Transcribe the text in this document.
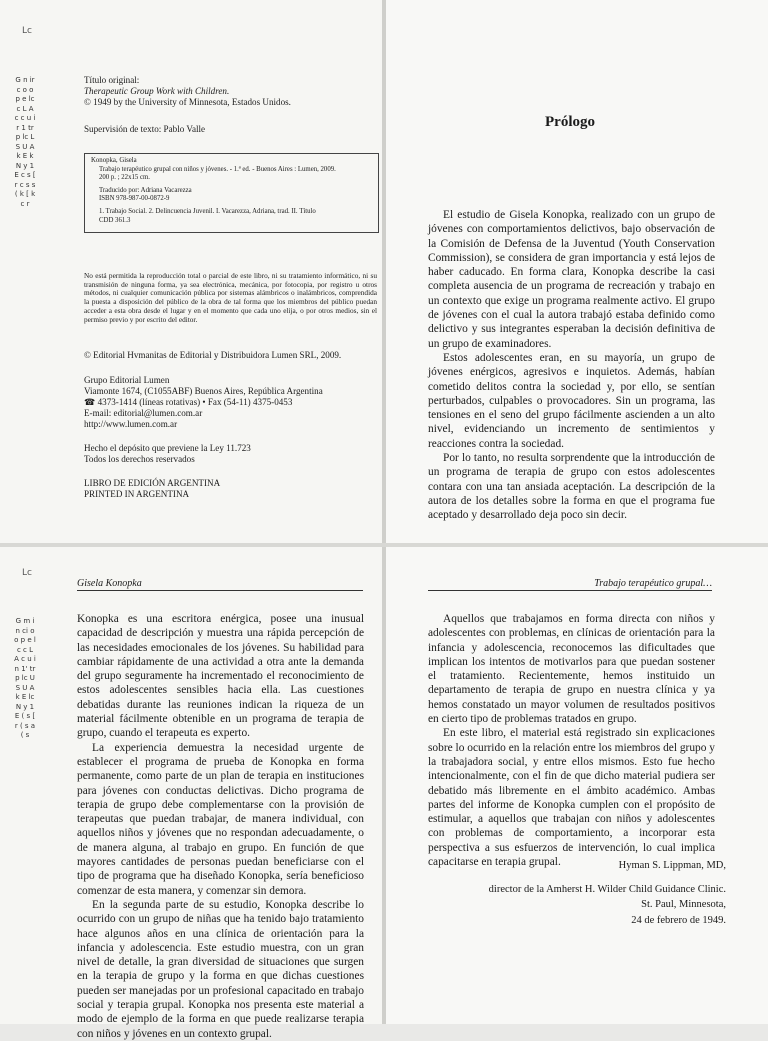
Lc
Lc
G n ir c o o p e lc c L A c c u ir 1 tr p lc L S U A k E k N y 1 E c s [ r c s s ( k [ k c r
G m in ci o o p e lc c L A c u in 1' tr p lc U S U A k E lc N y 1 E ( s [ r ( s a ( s
Título original:
Therapeutic Group Work with Children.
© 1949 by the University of Minnesota, Estados Unidos.
Supervisión de texto: Pablo Valle

Konopka, Gisela

Trabajo terapéutico grupal con niños y jóvenes. - 1.ª ed. - Buenos Aires : Lumen, 2009.

200 p. ; 22x15 cm.

Traducido por: Adriana Vacarezza

ISBN 978-987-00-0872-9

1. Trabajo Social. 2. Delincuencia Juvenil. I. Vacarezza, Adriana, trad. II. Título

CDD 361.3

No está permitida la reproducción total o parcial de este libro, ni su tratamiento informático, ni su transmisión de ninguna forma, ya sea electrónica, mecánica, por fotocopia, por registro u otros métodos, ni cualquier comunicación pública por sistemas alámbricos o inalámbricos, comprendida la puesta a disposición del público de la obra de tal forma que los miembros del público puedan acceder a esta obra desde el lugar y en el momento que cada uno elija, o por otros medios, sin el permiso previo y por escrito del editor.
© Editorial Hvmanitas de Editorial y Distribuidora Lumen SRL, 2009.
Grupo Editorial Lumen
Viamonte 1674, (C1055ABF) Buenos Aires, República Argentina
☎ 4373-1414 (líneas rotativas) • Fax (54-11) 4375-0453
E-mail: editorial@lumen.com.ar
http://www.lumen.com.ar
Hecho el depósito que previene la Ley 11.723
Todos los derechos reservados
LIBRO DE EDICIÓN ARGENTINA
PRINTED IN ARGENTINA
Prólogo

El estudio de Gisela Konopka, realizado con un grupo de jóvenes con comportamientos delictivos, bajo observación de la Comisión de Defensa de la Juventud (Youth Conservation Commission), se considera de gran importancia y está lejos de haber caducado. En forma clara, Konopka describe la casi completa ausencia de un programa de recreación y trabajo en un contexto que exige un programa realmente activo. El grupo de jóvenes con el cual la autora trabajó estaba definido como delictivo y sus integrantes esperaban la decisión definitiva de un grupo de examinadores.

Estos adolescentes eran, en su mayoría, un grupo de jóvenes enérgicos, agresivos e inquietos. Además, habían cometido delitos contra la sociedad y, por ello, se sentían perturbados, culpables o provocadores. Sin un programa, las tensiones en el seno del grupo fácilmente ascienden a un alto nivel, evidenciando un incremento de sentimientos y reacciones contra la sociedad.

Por lo tanto, no resulta sorprendente que la introducción de un programa de terapia de grupo con estos adolescentes contara con una tan ansiada aceptación. La descripción de la autora de los detalles sobre la forma en que el programa fue aceptado y desarrollado deja poco sin decir.

Gisela Konopka

Konopka es una escritora enérgica, posee una inusual capacidad de descripción y muestra una rápida percepción de las necesidades emocionales de los jóvenes. Su habilidad para cambiar rápidamente de una actividad a otra ante la demanda del grupo seguramente ha incrementado el reconocimiento de estos adolescentes sensibles hacia ella. Las cuestiones debatidas durante las reuniones indican la riqueza de un material fácilmente obtenible en un programa de terapia de grupo, cuando el terapeuta es experto.

La experiencia demuestra la necesidad urgente de establecer el programa de prueba de Konopka en forma permanente, como parte de un plan de terapia en instituciones para jóvenes con conductas delictivas. Dicho programa de terapia de grupo debe complementarse con la provisión de terapeutas que puedan trabajar, de manera individual, con aquellos niños y jóvenes que no respondan adecuadamente, o de manera alguna, al trabajo en grupo. En función de que mayores cantidades de personas puedan beneficiarse con el tipo de programa que ha diseñado Konopka, sería beneficioso comenzar de esta manera, y comenzar sin demora.

En la segunda parte de su estudio, Konopka describe lo ocurrido con un grupo de niñas que ha tenido bajo tratamiento hace algunos años en una clínica de orientación para la infancia y adolescencia. Este estudio muestra, con un gran nivel de detalle, la gran diversidad de situaciones que surgen en la terapia de grupo y la forma en que dichas cuestiones pueden ser manejadas por un profesional capacitado en trabajo social y terapia grupal. Konopka nos presenta este material a modo de ejemplo de la forma en que puede realizarse terapia con niños y jóvenes en un contexto grupal.

Trabajo terapéutico grupal…

Aquellos que trabajamos en forma directa con niños y adolescentes con problemas, en clínicas de orientación para la infancia y adolescencia, reconocemos las dificultades que implican los intentos de motivarlos para que puedan sostener el tratamiento. Recientemente, hemos instituido un departamento de terapia de grupo en nuestra clínica y ya hemos constatado un mayor volumen de resultados positivos en cierto tipo de problemas tratados en grupo.

En este libro, el material está registrado sin explicaciones sobre lo ocurrido en la relación entre los miembros del grupo y la trabajadora social, y entre ellos mismos. Esto fue hecho intencionalmente, con el fin de que dicho material pudiera ser debatido más libremente en el ámbito académico. Ambas partes del informe de Konopka cumplen con el propósito de estimular, a aquellos que trabajan con niños y adolescentes con problemas de comportamiento, a incorporar esta perspectiva a sus esfuerzos de intervención, lo cual implica capacitarse en terapia grupal.	Hyman S. Lippman, MD,
director de la Amherst H. Wilder Child Guidance Clinic.
St. Paul, Minnesota,
24 de febrero de 1949.
